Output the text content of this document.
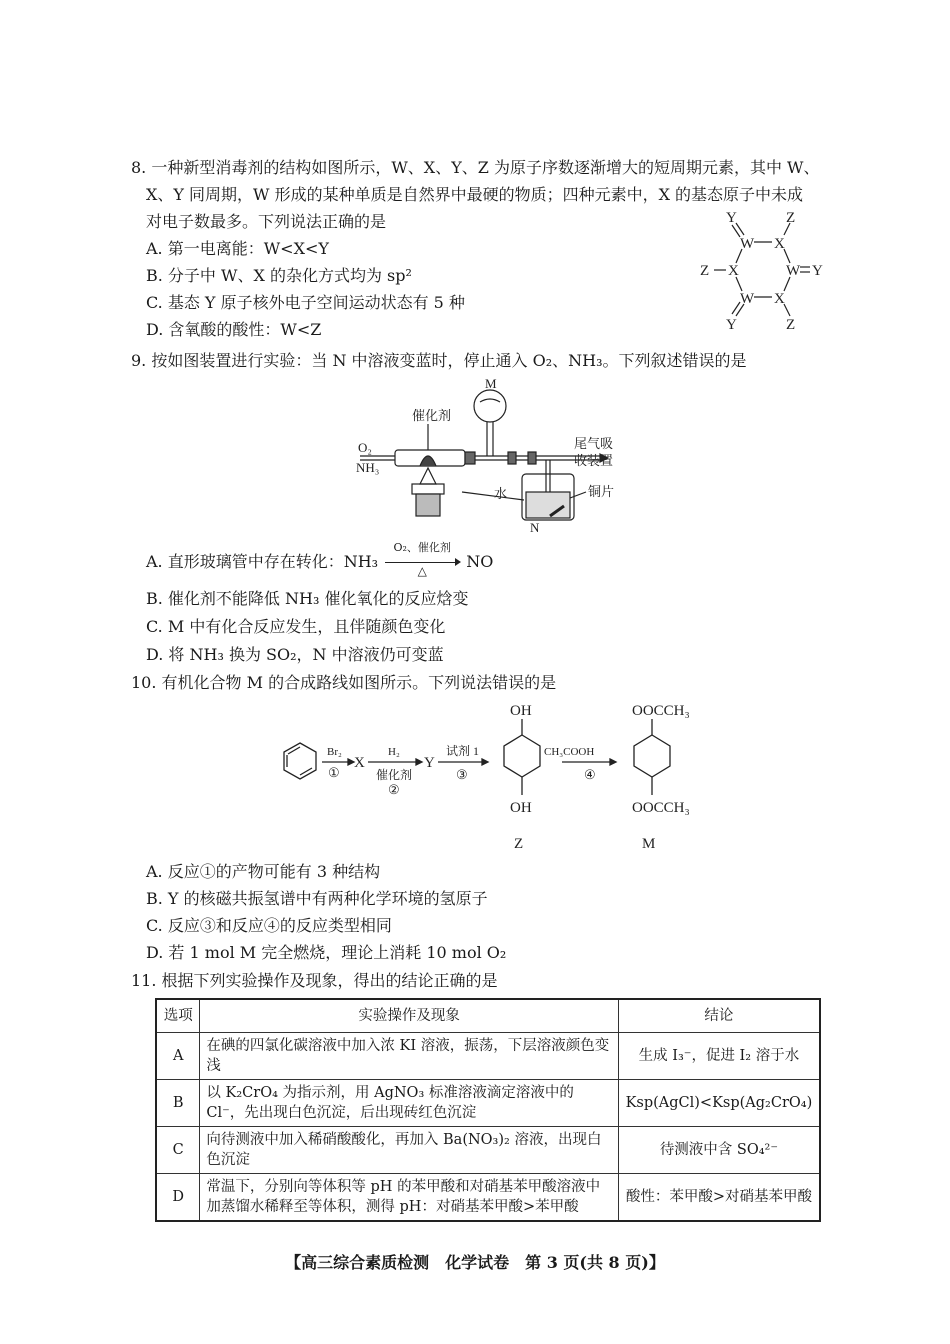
8. 一种新型消毒剂的结构如图所示，W、X、Y、Z 为原子序数逐渐增大的短周期元素，其中 W、
X、Y 同周期，W 形成的某种单质是自然界中最硬的物质；四种元素中，X 的基态原子中未成
对电子数最多。下列说法正确的是
A. 第一电离能：W<X<Y
B. 分子中 W、X 的杂化方式均为 sp²
C. 基态 Y 原子核外电子空间运动状态有 5 种
D. 含氧酸的酸性：W<Z
Y	Z
W X
Z X	W Y
W X
Y	Z
9. 按如图装置进行实验：当 N 中溶液变蓝时，停止通入 O₂、NH₃。下列叙述错误的是
M
催化剂
O₂
NH₃
尾气吸
收装置
水	铜片
N
A. 直形玻璃管中存在转化：NH₃
O₂、催化剂
△	NO
B. 催化剂不能降低 NH₃ 催化氧化的反应焓变
C. M 中有化合反应发生，且伴随颜色变化
D. 将 NH₃ 换为 SO₂，N 中溶液仍可变蓝
10. 有机化合物 M 的合成路线如图所示。下列说法错误的是
Br₂
①
X
H₂
催化剂
②
Y
试剂 1
③
OH
OH
Z
CH₃COOH
④
OOCCH₃
OOCCH₃
M
A. 反应①的产物可能有 3 种结构
B. Y 的核磁共振氢谱中有两种化学环境的氢原子
C. 反应③和反应④的反应类型相同
D. 若 1 mol M 完全燃烧，理论上消耗 10 mol O₂
11. 根据下列实验操作及现象，得出的结论正确的是
选项	实验操作及现象	结论
A	在碘的四氯化碳溶液中加入浓 KI 溶液，振荡，下层溶液颜色变浅	生成 I₃⁻，促进 I₂ 溶于水
B	以 K₂CrO₄ 为指示剂，用 AgNO₃ 标准溶液滴定溶液中的 Cl⁻，先出现白色沉淀，后出现砖红色沉淀	Ksp(AgCl)<Ksp(Ag₂CrO₄)
C	向待测液中加入稀硝酸酸化，再加入 Ba(NO₃)₂ 溶液，出现白色沉淀	待测液中含 SO₄²⁻
D	常温下，分别向等体积等 pH 的苯甲酸和对硝基苯甲酸溶液中加蒸馏水稀释至等体积，测得 pH：对硝基苯甲酸>苯甲酸	酸性：苯甲酸>对硝基苯甲酸
【高三综合素质检测　化学试卷　第 3 页(共 8 页)】
